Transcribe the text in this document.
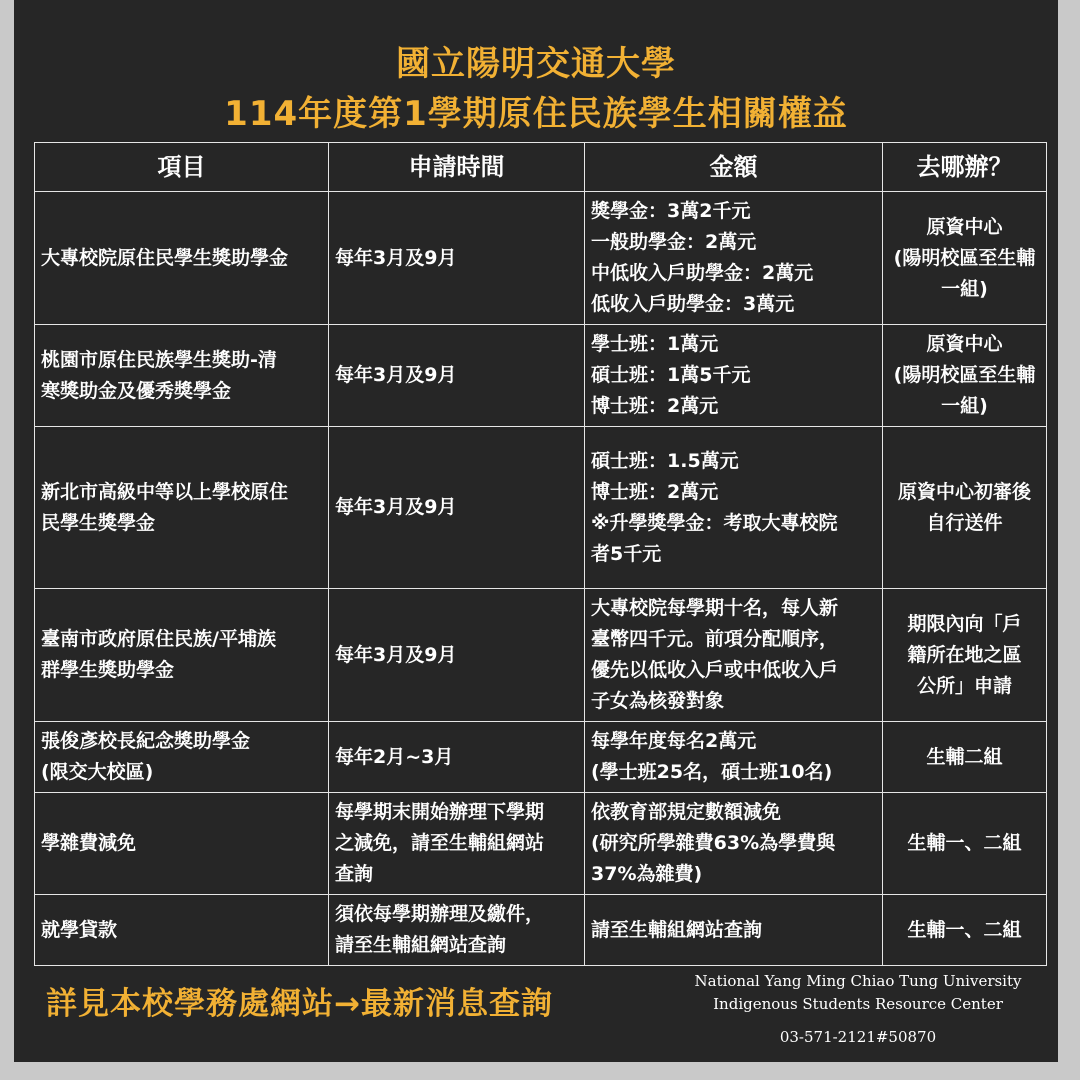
國立陽明交通大學
114年度第1學期原住民族學生相關權益
項目	申請時間	金額	去哪辦？

大專校院原住民學生獎助學金	每年3月及9月	獎學金：3萬2千元
一般助學金：2萬元
中低收入戶助學金：2萬元
低收入戶助學金：3萬元	原資中心
(陽明校區至生輔
一組)

桃園市原住民族學生獎助-清
寒獎助金及優秀獎學金	每年3月及9月	學士班：1萬元
碩士班：1萬5千元
博士班：2萬元	原資中心
(陽明校區至生輔
一組)

新北市高級中等以上學校原住
民學生獎學金	每年3月及9月	碩士班：1.5萬元
博士班：2萬元
※升學獎學金：考取大專校院
者5千元	原資中心初審後
自行送件

臺南市政府原住民族/平埔族
群學生獎助學金	每年3月及9月	大專校院每學期十名，每人新
臺幣四千元。前項分配順序，
優先以低收入戶或中低收入戶
子女為核發對象	期限內向「戶
籍所在地之區
公所」申請

張俊彥校長紀念獎助學金
(限交大校區)	每年2月~3月	每學年度每名2萬元
(學士班25名，碩士班10名)	生輔二組

學雜費減免	每學期末開始辦理下學期
之減免，請至生輔組網站
查詢	依教育部規定數額減免
(研究所學雜費63%為學費與
37%為雜費)	生輔一、二組

就學貸款	須依每學期辦理及繳件，
請至生輔組網站查詢	請至生輔組網站查詢	生輔一、二組
詳見本校學務處網站→最新消息查詢
National Yang Ming Chiao Tung University
Indigenous Students Resource Center
03-571-2121#50870
